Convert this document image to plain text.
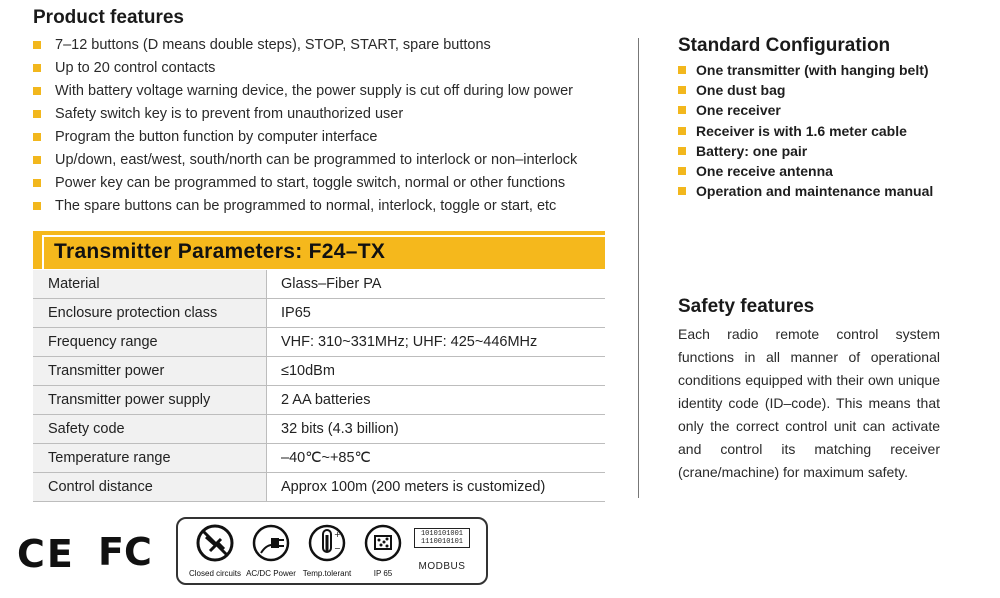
Product features
7–12 buttons (D means double steps), STOP, START, spare buttons
Up to 20 control contacts
With battery voltage warning device, the power supply is cut off during low power
Safety switch key is to prevent from unauthorized user
Program the button function by computer interface
Up/down, east/west, south/north can be programmed to interlock or non–interlock
Power key can be programmed to start, toggle switch, normal or other functions
The spare buttons can be programmed to normal, interlock, toggle or start, etc
Transmitter Parameters: F24–TX
Material	Glass–Fiber PA
Enclosure protection class	IP65
Frequency range	VHF: 310~331MHz; UHF: 425~446MHz
Transmitter power	≤10dBm
Transmitter power supply	2 AA batteries
Safety code	32 bits (4.3 billion)
Temperature range	–40℃~+85℃
Control distance	Approx 100m (200 meters is customized)
Standard Configuration
One transmitter (with hanging belt)
One dust bag
One receiver
Receiver is with 1.6 meter cable
Battery: one pair
One receive antenna
Operation and maintenance manual
Safety features
Each radio remote control system functions in all manner of operational conditions equipped with their own unique identity code (ID–code). This means that only the correct control unit can activate and control its matching receiver (crane/machine) for maximum safety.
CE FC	Closed circuits AC/DC Power
+
−
Temp.tolerant	IP 65
1010101001
1110010101
MODBUS
